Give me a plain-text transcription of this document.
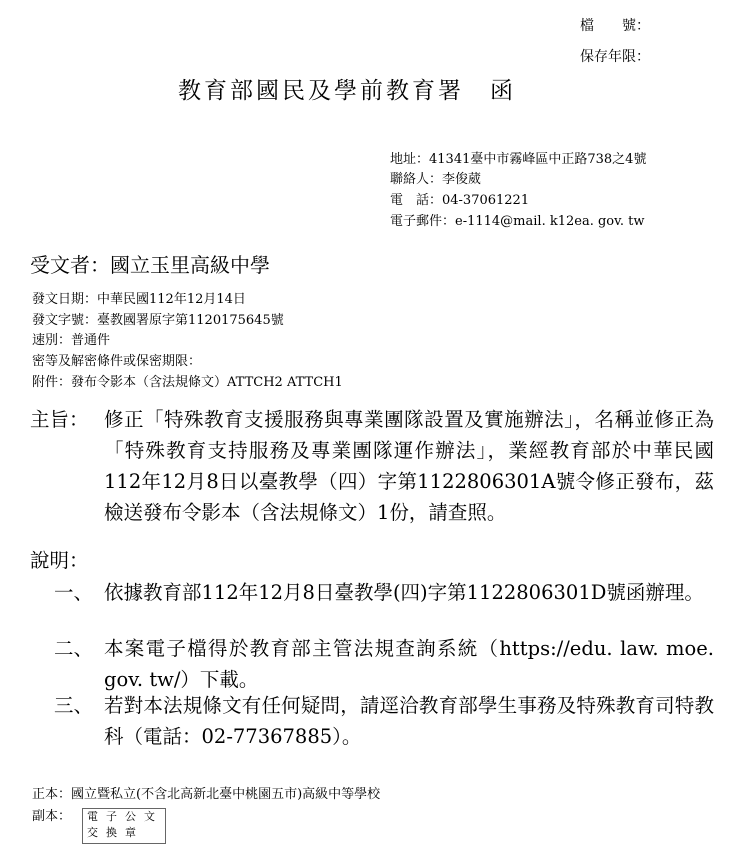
檔　　號：
保存年限：
教育部國民及學前教育署　函
地址：41341臺中市霧峰區中正路738之4號
聯絡人：李俊葳
電　話：04-37061221
電子郵件：e-1114@mail. k12ea. gov. tw
受文者：國立玉里高級中學
發文日期：中華民國112年12月14日
發文字號：臺教國署原字第1120175645號
速別：普通件
密等及解密條件或保密期限：
附件：發布令影本（含法規條文）ATTCH2 ATTCH1
主旨： 修正「特殊教育支援服務與專業團隊設置及實施辦法」，名稱並修正為「特殊教育支持服務及專業團隊運作辦法」，業經教育部於中華民國112年12月8日以臺教學（四）字第1122806301A號令修正發布，茲檢送發布令影本（含法規條文）1份，請查照。
說明：
一、 依據教育部112年12月8日臺教學(四)字第1122806301D號函辦理。
二、 本案電子檔得於教育部主管法規查詢系統（https://edu. law. moe. gov. tw/）下載。
三、 若對本法規條文有任何疑問，請逕洽教育部學生事務及特殊教育司特教科（電話：02-77367885）。
正本：國立暨私立(不含北高新北臺中桃園五市)高級中等學校
副本： 電子公文
交換章
